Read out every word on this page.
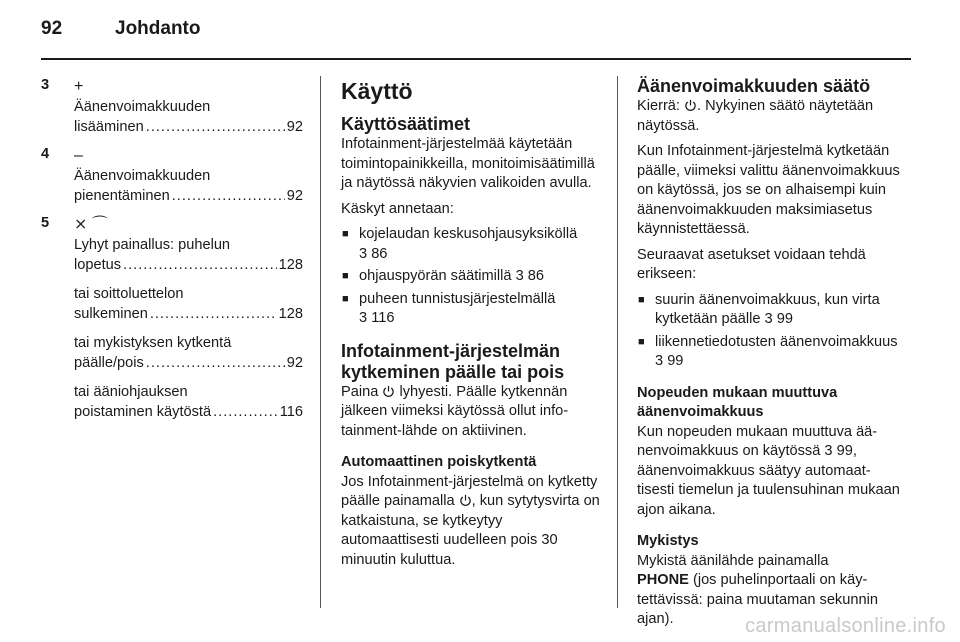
92	Johdanto
3 +
Äänenvoimakkuuden
lisääminen .....	92
4 –
Äänenvoimakkuuden
pienentäminen .....	92
5 ⨯ ⌒
Lyhyt painallus: puhelun
lopetus .....	128
tai soittoluettelon
sulkeminen .....	128
tai mykistyksen kytkentä
päälle/pois .....	92
tai ääniohjauksen
poistaminen käytöstä .....	116
Käyttö
Käyttösäätimet

Infotainment-järjestelmää käytetään toimintopainikkeilla, monitoimisäätimillä ja näytössä näkyvien valikoiden avulla.

Käskyt annetaan:

■ kojelaudan keskusohjausyksiköllä
3 86
■ ohjauspyörän säätimillä 3 86
■ puheen tunnistusjärjestelmällä
3 116
Infotainment-järjestelmän kytkeminen päälle tai pois

Paina lyhyesti. Päälle kytkennän jälkeen viimeksi käytössä ollut infotainment-lähde on aktiivinen.

Automaattinen poiskytkentä

Jos Infotainment-järjestelmä on kytketty päälle painamalla , kun sytytysvirta on katkaistuna, se kytkeytyy automaattisesti uudelleen pois 30 minuutin kuluttua.

Äänenvoimakkuuden säätö

Kierrä: . Nykyinen säätö näytetään näytössä.

Kun Infotainment-järjestelmä kytketään päälle, viimeksi valittu äänenvoimakkuus on käytössä, jos se on alhaisempi kuin äänenvoimakkuuden maksimiasetus käynnistettäessä.

Seuraavat asetukset voidaan tehdä erikseen:

■ suurin äänenvoimakkuus, kun virta kytketään päälle 3 99
■ liikennetiedotusten äänenvoimakkuus 3 99
Nopeuden mukaan muuttuva äänenvoimakkuus

Kun nopeuden mukaan muuttuva äänenvoimakkuus on käytössä 3 99, äänenvoimakkuus säätyy automaattisesti tiemelun ja tuulensuhinan mukaan ajon aikana.

Mykistys

Mykistä äänilähde painamalla
PHONE (jos puhelinportaali on käytettävissä: paina muutaman sekunnin ajan).	carmanualsonline.info
